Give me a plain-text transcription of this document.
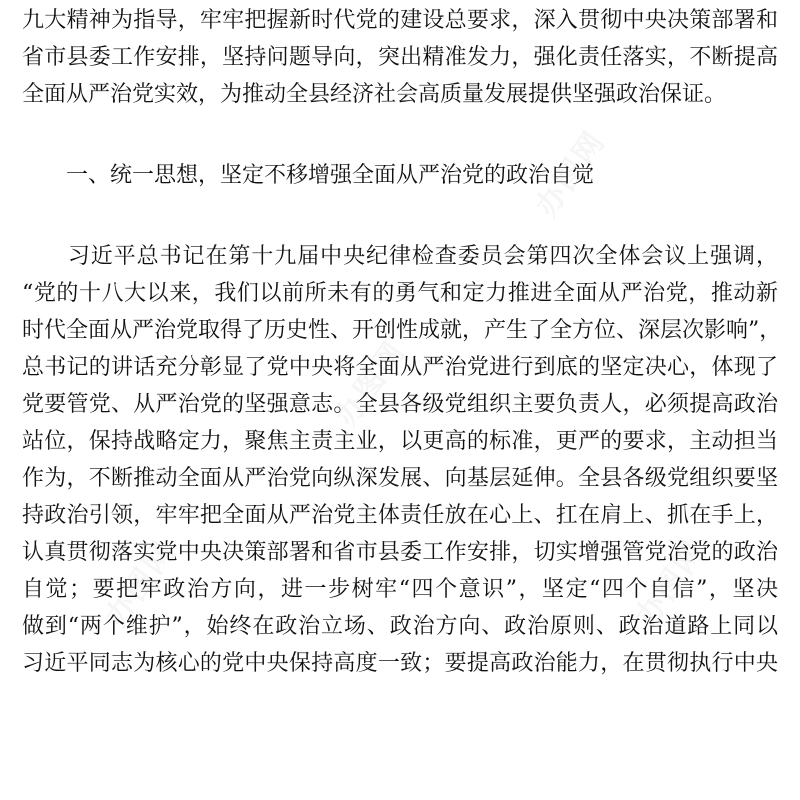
办图网
办图网
办图网	办图网

九大精神为指导，牢牢把握新时代党的建设总要求，深入贯彻中央决策部署和

省市县委工作安排，坚持问题导向，突出精准发力，强化责任落实，不断提高

全面从严治党实效，为推动全县经济社会高质量发展提供坚强政治保证。

一、统一思想，坚定不移增强全面从严治党的政治自觉

　　习近平总书记在第十九届中央纪律检查委员会第四次全体会议上强调，

“党的十八大以来，我们以前所未有的勇气和定力推进全面从严治党，推动新

时代全面从严治党取得了历史性、开创性成就，产生了全方位、深层次影响”，

总书记的讲话充分彰显了党中央将全面从严治党进行到底的坚定决心，体现了

党要管党、从严治党的坚强意志。全县各级党组织主要负责人，必须提高政治

站位，保持战略定力，聚焦主责主业，以更高的标准，更严的要求，主动担当

作为，不断推动全面从严治党向纵深发展、向基层延伸。全县各级党组织要坚

持政治引领，牢牢把全面从严治党主体责任放在心上、扛在肩上、抓在手上，

认真贯彻落实党中央决策部署和省市县委工作安排，切实增强管党治党的政治

自觉；要把牢政治方向，进一步树牢“四个意识”，坚定“四个自信”，坚决

做到“两个维护”，始终在政治立场、政治方向、政治原则、政治道路上同以

习近平同志为核心的党中央保持高度一致；要提高政治能力，在贯彻执行中央
